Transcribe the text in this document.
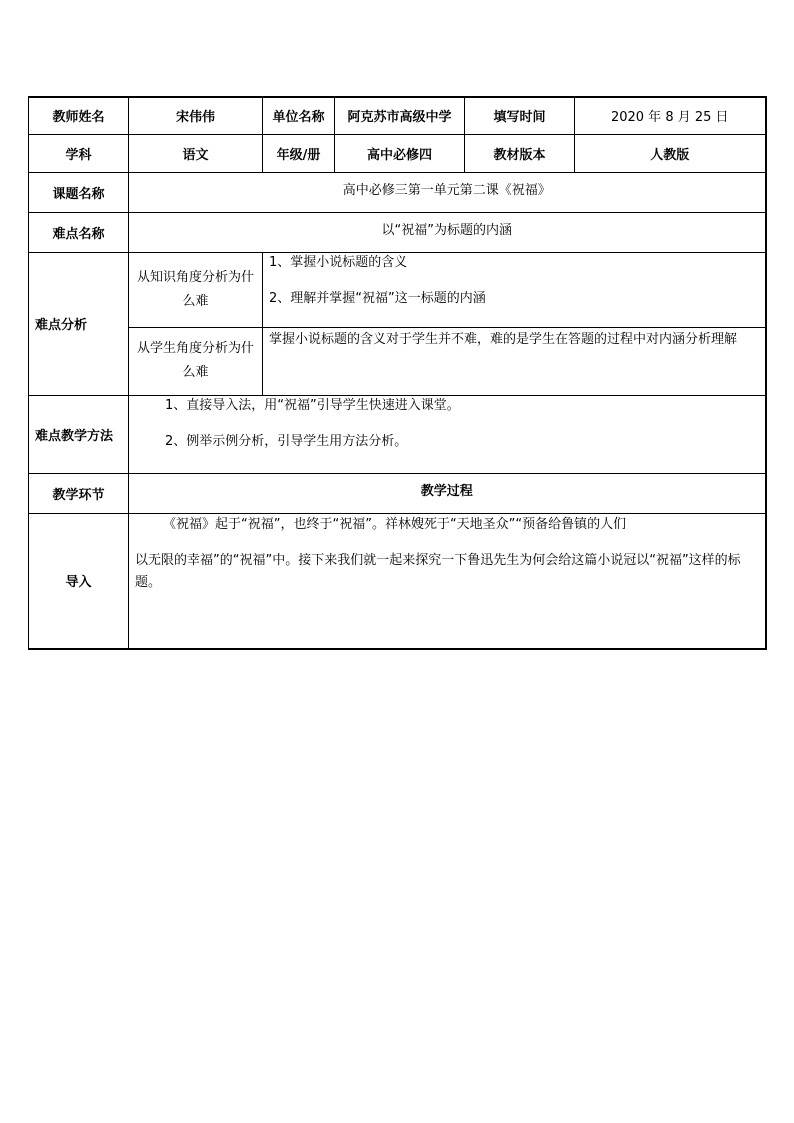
教师姓名	宋伟伟	单位名称	阿克苏市高级中学	填写时间	2020 年 8 月 25 日
学科	语文	年级/册	高中必修四	教材版本	人教版
课题名称	高中必修三第一单元第二课《祝福》				
难点名称	以“祝福”为标题的内涵				
难点分析	从知识角度分析为什么难	1、掌握小说标题的含义

2、理解并掌握“祝福”这一标题的内涵			

	从学生角度分析为什么难	掌握小说标题的含义对于学生并不难，难的是学生在答题的过程中对内涵分析理解			
难点教学方法	1、直接导入法，用“祝福”引导学生快速进入课堂。

2、例举示例分析，引导学生用方法分析。				

教学环节	教学过程				
导入	《祝福》起于“祝福”，也终于“祝福”。祥林嫂死于“天地圣众”“预备给鲁镇的人们

以无限的幸福”的“祝福”中。接下来我们就一起来探究一下鲁迅先生为何会给这篇小说冠以“祝福”这样的标题。				
